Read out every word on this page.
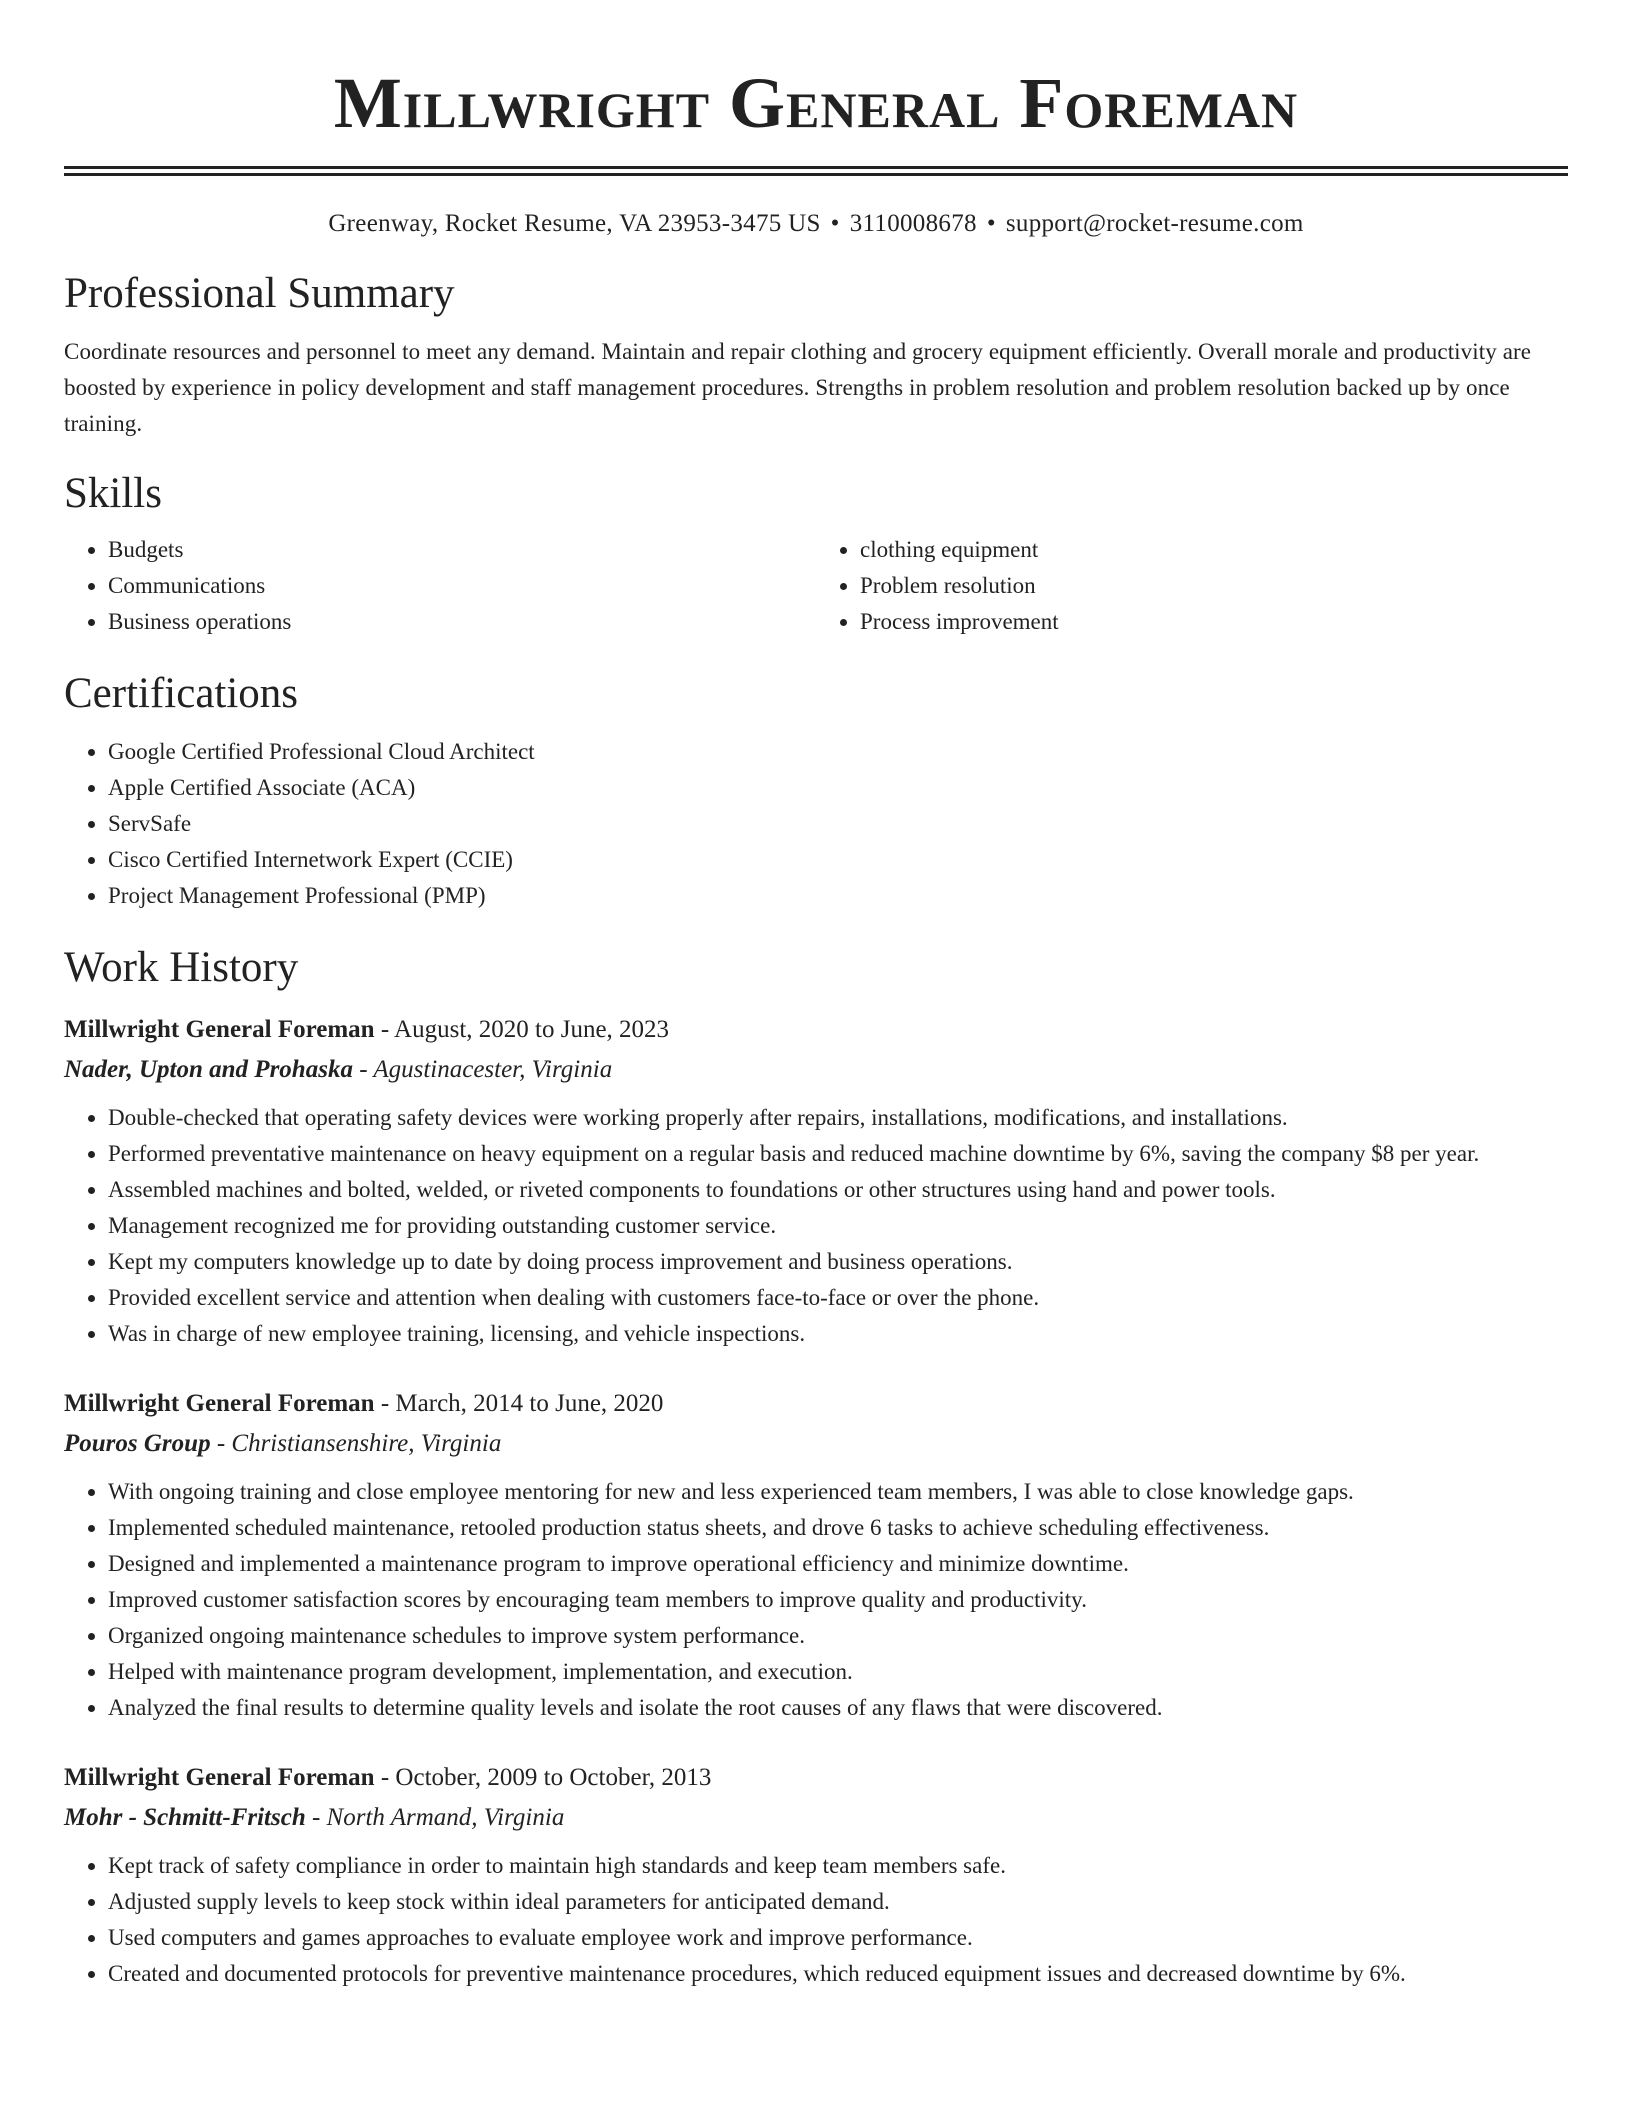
Millwright General Foreman
Greenway, Rocket Resume, VA 23953-3475 US • 3110008678 • support@rocket-resume.com
Professional Summary

Coordinate resources and personnel to meet any demand. Maintain and repair clothing and grocery equipment efficiently. Overall morale and productivity are boosted by experience in policy development and staff management procedures. Strengths in problem resolution and problem resolution backed up by once training.

Skills
• Budgets
• Communications
• Business operations
• clothing equipment
• Problem resolution
• Process improvement
Certifications
• Google Certified Professional Cloud Architect
• Apple Certified Associate (ACA)
• ServSafe
• Cisco Certified Internetwork Expert (CCIE)
• Project Management Professional (PMP)
Work History
Millwright General Foreman - August, 2020 to June, 2023
Nader, Upton and Prohaska - Agustinacester, Virginia
• Double-checked that operating safety devices were working properly after repairs, installations, modifications, and installations.
• Performed preventative maintenance on heavy equipment on a regular basis and reduced machine downtime by 6%, saving the company $8 per year.
• Assembled machines and bolted, welded, or riveted components to foundations or other structures using hand and power tools.
• Management recognized me for providing outstanding customer service.
• Kept my computers knowledge up to date by doing process improvement and business operations.
• Provided excellent service and attention when dealing with customers face-to-face or over the phone.
• Was in charge of new employee training, licensing, and vehicle inspections.
Millwright General Foreman - March, 2014 to June, 2020
Pouros Group - Christiansenshire, Virginia
• With ongoing training and close employee mentoring for new and less experienced team members, I was able to close knowledge gaps.
• Implemented scheduled maintenance, retooled production status sheets, and drove 6 tasks to achieve scheduling effectiveness.
• Designed and implemented a maintenance program to improve operational efficiency and minimize downtime.
• Improved customer satisfaction scores by encouraging team members to improve quality and productivity.
• Organized ongoing maintenance schedules to improve system performance.
• Helped with maintenance program development, implementation, and execution.
• Analyzed the final results to determine quality levels and isolate the root causes of any flaws that were discovered.
Millwright General Foreman - October, 2009 to October, 2013
Mohr - Schmitt-Fritsch - North Armand, Virginia
• Kept track of safety compliance in order to maintain high standards and keep team members safe.
• Adjusted supply levels to keep stock within ideal parameters for anticipated demand.
• Used computers and games approaches to evaluate employee work and improve performance.
• Created and documented protocols for preventive maintenance procedures, which reduced equipment issues and decreased downtime by 6%.
